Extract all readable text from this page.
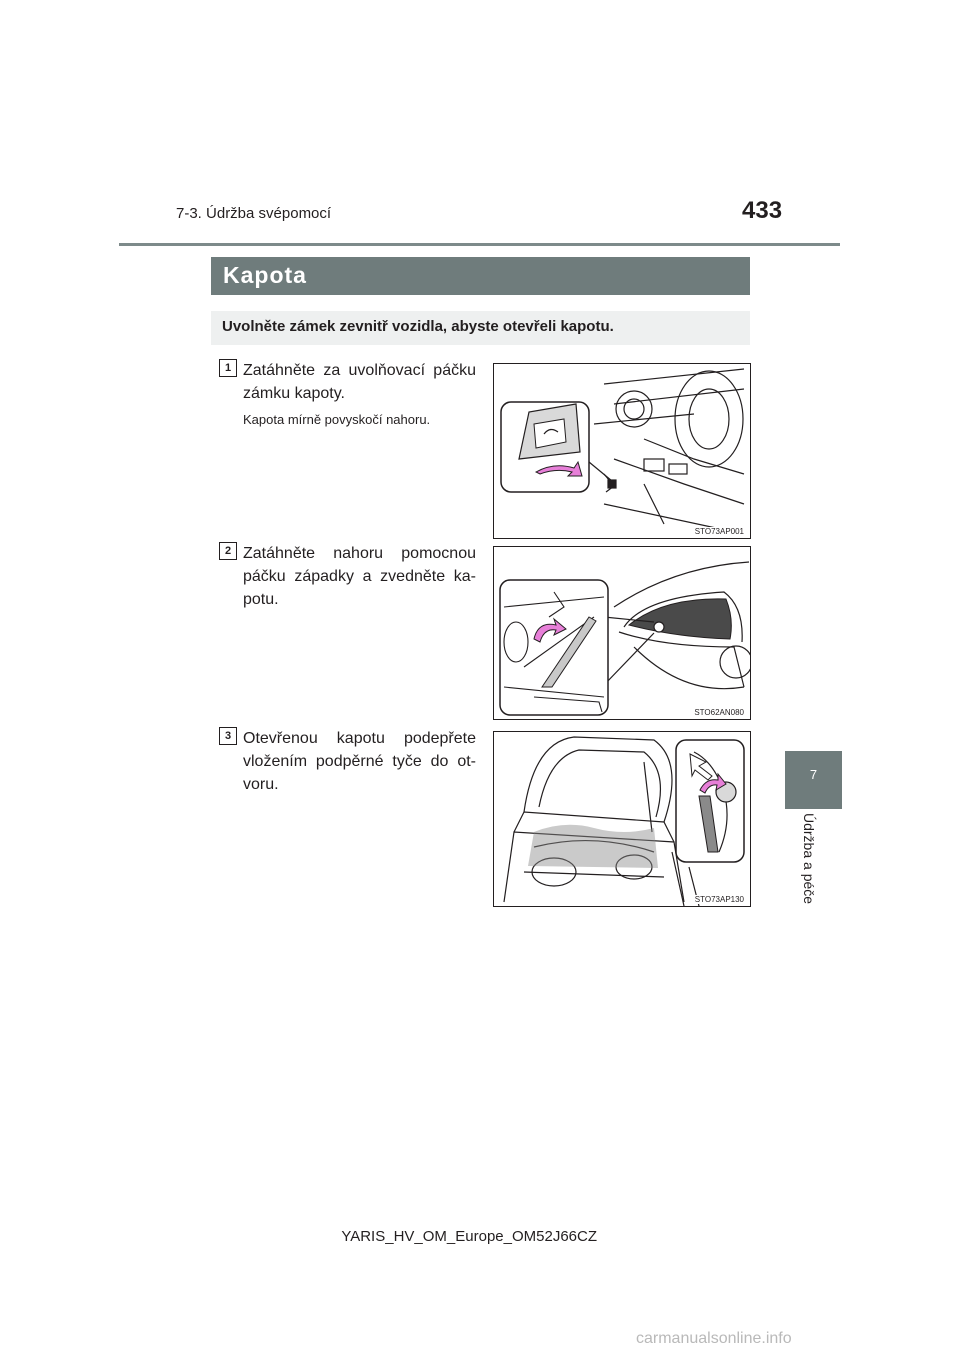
7-3. Údržba svépomocí	433
7
Údržba a péče
Kapota
Uvolněte zámek zevnitř vozidla, abyste otevřeli kapotu.
1 Zatáhněte za uvolňovací páčku zámku kapoty.
Kapota mírně povyskočí nahoru.
STO73AP001
2 Zatáhněte nahoru pomocnou páčku západky a zvedněte ka-potu.
STO62AN080
3 Otevřenou kapotu podepřete vložením podpěrné tyče do ot-voru.
STO73AP130
YARIS_HV_OM_Europe_OM52J66CZ
carmanualsonline.info
